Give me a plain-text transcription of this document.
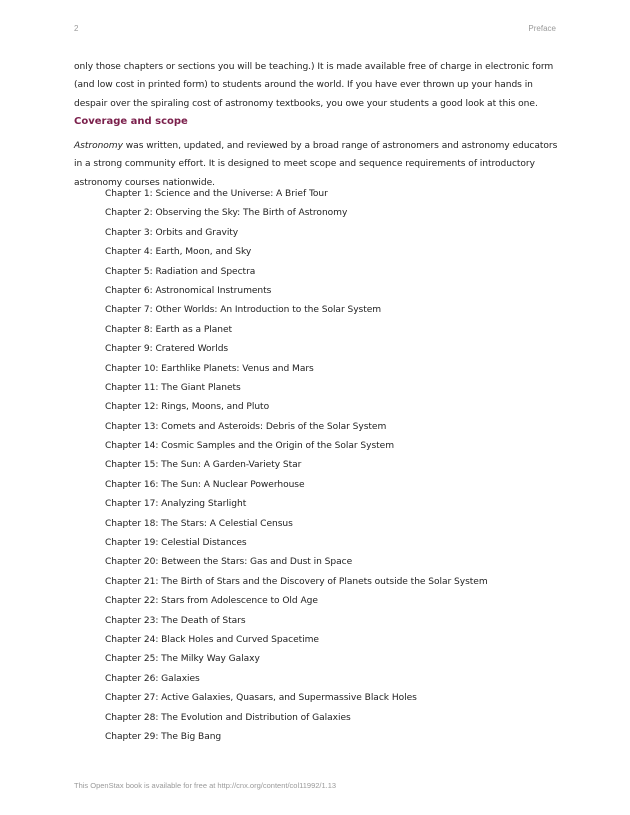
2	Preface

only those chapters or sections you will be teaching.) It is made available free of charge in electronic form (and low cost in printed form) to students around the world. If you have ever thrown up your hands in despair over the spiraling cost of astronomy textbooks, you owe your students a good look at this one.

Coverage and scope

Astronomy was written, updated, and reviewed by a broad range of astronomers and astronomy educators in a strong community effort. It is designed to meet scope and sequence requirements of introductory astronomy courses nationwide.

Chapter 1: Science and the Universe: A Brief Tour
Chapter 2: Observing the Sky: The Birth of Astronomy
Chapter 3: Orbits and Gravity
Chapter 4: Earth, Moon, and Sky
Chapter 5: Radiation and Spectra
Chapter 6: Astronomical Instruments
Chapter 7: Other Worlds: An Introduction to the Solar System
Chapter 8: Earth as a Planet
Chapter 9: Cratered Worlds
Chapter 10: Earthlike Planets: Venus and Mars
Chapter 11: The Giant Planets
Chapter 12: Rings, Moons, and Pluto
Chapter 13: Comets and Asteroids: Debris of the Solar System
Chapter 14: Cosmic Samples and the Origin of the Solar System
Chapter 15: The Sun: A Garden-Variety Star
Chapter 16: The Sun: A Nuclear Powerhouse
Chapter 17: Analyzing Starlight
Chapter 18: The Stars: A Celestial Census
Chapter 19: Celestial Distances
Chapter 20: Between the Stars: Gas and Dust in Space
Chapter 21: The Birth of Stars and the Discovery of Planets outside the Solar System
Chapter 22: Stars from Adolescence to Old Age
Chapter 23: The Death of Stars
Chapter 24: Black Holes and Curved Spacetime
Chapter 25: The Milky Way Galaxy
Chapter 26: Galaxies
Chapter 27: Active Galaxies, Quasars, and Supermassive Black Holes
Chapter 28: The Evolution and Distribution of Galaxies
Chapter 29: The Big Bang
This OpenStax book is available for free at http://cnx.org/content/col11992/1.13
